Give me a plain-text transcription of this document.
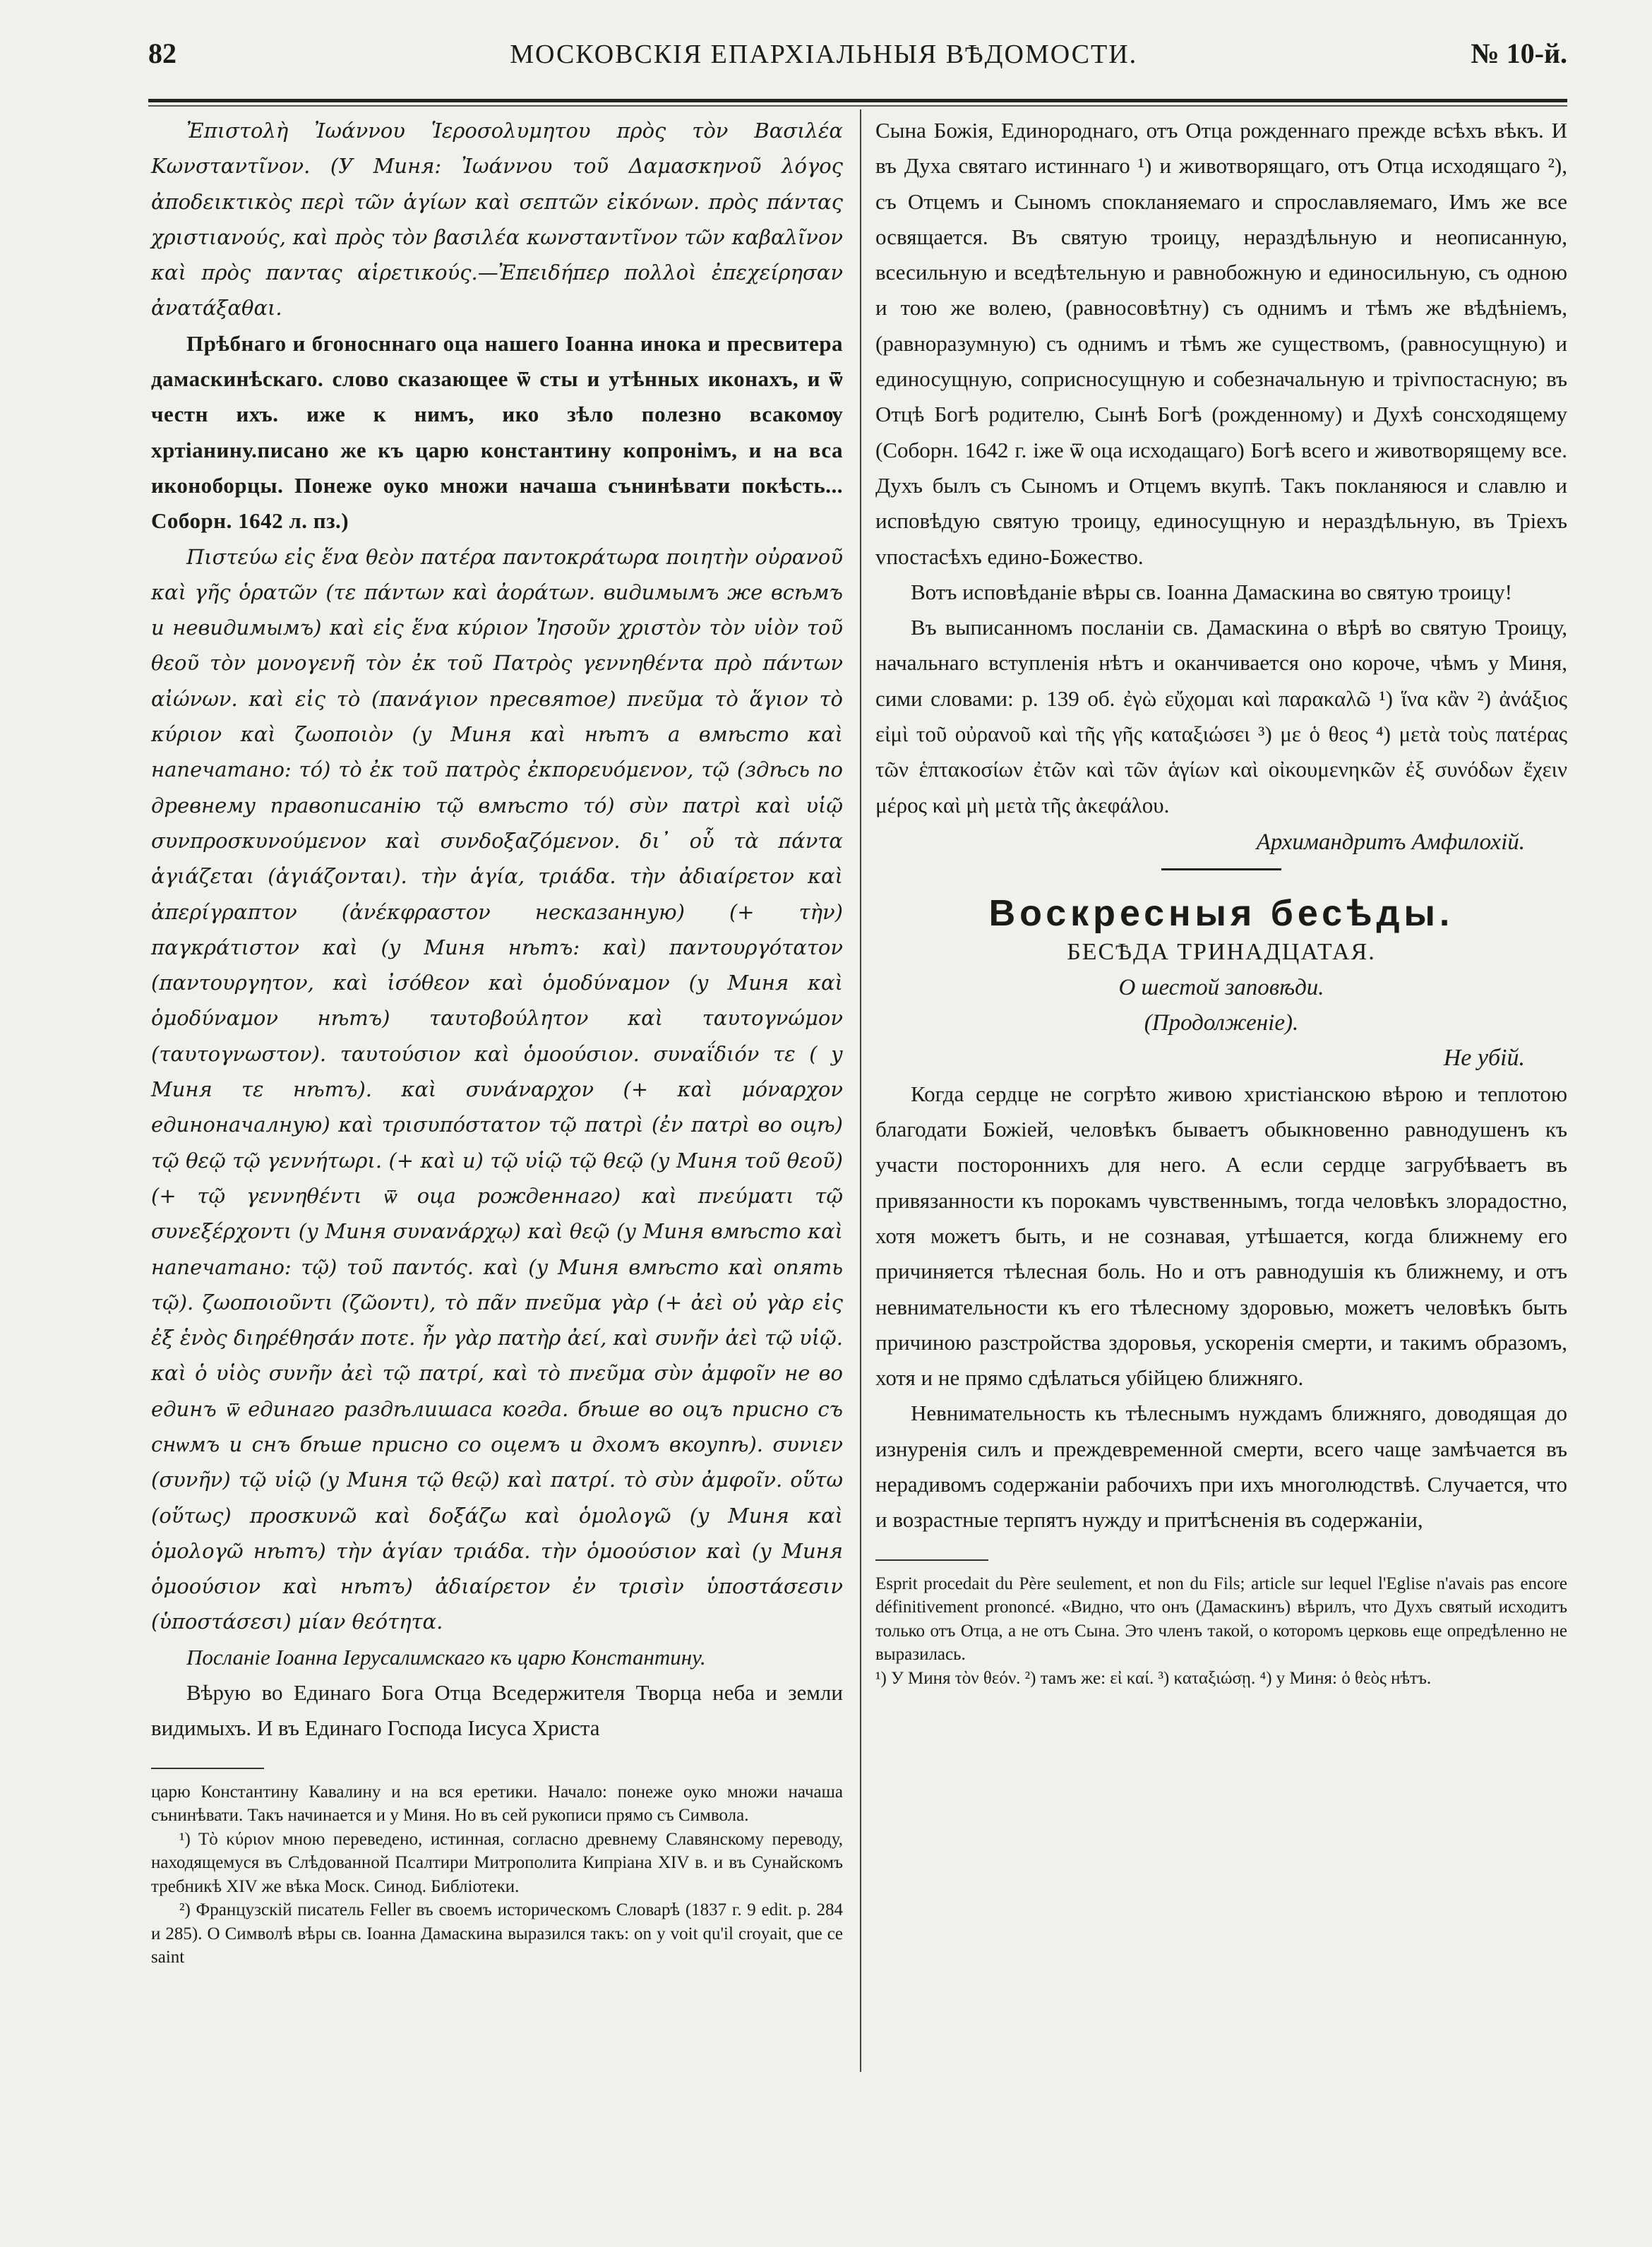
82	МОСКОВСКІЯ ЕПАРХІАЛЬНЫЯ ВѢДОМОСТИ.	№ 10-й.

Ἐπιστολὴ Ἰωάννου Ἱεροσολυμητου πρὸς τὸν Βασιλέα Κωνσταντῖνον. (У Миня: Ἰωάννου τοῦ Δαμασκηνοῦ λόγος ἀποδεικτικὸς περὶ τῶν ἁγίων καὶ σεπτῶν εἰκόνων. πρὸς πάντας χριστιανούς, καὶ πρὸς τὸν βασιλέα κωνσταντῖνον τῶν καβαλῖνον καὶ πρὸς παντας αἱρετικούς.—Ἐπειδήπερ πολλοὶ ἐπεχείρησαν ἀνατάξαθαι.

Прѣбнаго и бгоносннаго оца нашего Іоанна инока и пресвитера дамаскинѣскаго. слово сказающее ѿ сты и утѣнных иконахъ, и ѿ честн ихъ. иже к нимъ, ико зѣло полезно всакомѹ хртіанину.писано же къ царю константину копронімъ, и на вса иконоборцы. Понеже оуко множи начаша сънинѣвати покѣсть... Соборн. 1642 л. пз.)

Πιστεύω εἰς ἕνα θεὸν πατέρα παντοκράτωρα ποιητὴν οὐρανοῦ καὶ γῆς ὁρατῶν (τε πάντων καὶ ἀοράτων. видимымъ же всѣмъ и невидимымъ) καὶ εἰς ἕνα κύριον Ἰησοῦν χριστὸν τὸν υἱὸν τοῦ θεοῦ τὸν μονογενῆ τὸν ἐκ τοῦ Πατρὸς γεννηθέντα πρὸ πάντων αἰώνων. καὶ εἰς τὸ (πανάγιον пресвятое) πνεῦμα τὸ ἅγιον τὸ κύριον καὶ ζωοποιὸν (у Миня καὶ нѣтъ а вмѣсто καὶ напечатано: τό) τὸ ἐκ τοῦ πατρὸς ἐκπορευόμενον, τῷ (здѣсь по древнему правописанію τῷ вмѣсто τό) σὺν πατρὶ καὶ υἱῷ συνπροσκυνούμενον καὶ συνδοξαζόμενον. δι᾽ οὗ τὰ πάντα ἁγιάζεται (ἁγιάζονται). τὴν ἁγία, τριάδα. τὴν ἀδιαίρετον καὶ ἀπερίγραπτον (ἀνέκφραστον несказанную) (+ τὴν) παγκράτιστον καὶ (у Миня нѣтъ: καὶ) παντουργότατον (παντουργητον, καὶ ἰσόθεον καὶ ὁμοδύναμον (у Миня καὶ ὁμοδύναμον нѣтъ) ταυτοβούλητον καὶ ταυτογνώμον (ταυτογνωστον). ταυτούσιον καὶ ὁμοούσιον. συναΐδιόν τε ( у Миня τε нѣтъ). καὶ συνάναρχον (+ καὶ μόναρχον единоначалную) καὶ τρισυπόστατον τῷ πατρὶ (ἐν πατρὶ во оцѣ) τῷ θεῷ τῷ γεννήτωρι. (+ καὶ и) τῷ υἱῷ τῷ θεῷ (у Миня τοῦ θεοῦ) (+ τῷ γεννηθέντι ѿ оца рожденнаго) καὶ πνεύματι τῷ συνεξέρχοντι (у Миня συνανάρχῳ) καὶ θεῷ (у Миня вмѣсто καὶ напечатано: τῷ) τοῦ παντός. καὶ (у Миня вмѣсто καὶ опять τῷ). ζωοποιοῦντι (ζῶοντι), τὸ πᾶν πνεῦμα γὰρ (+ ἀεὶ οὐ γὰρ εἰς ἐξ ἑνὸς διηρέθησάν ποτε. ἦν γὰρ πατὴρ ἀεί, καὶ συνῆν ἀεὶ τῷ υἱῷ. καὶ ὁ υἱὸς συνῆν ἀεὶ τῷ πατρί, καὶ τὸ πνεῦμα σὺν ἀμφοῖν не во единъ ѿ единаго раздѣлишаса когда. бѣше во оцъ присно съ снѡмъ и снъ бѣше присно со оцемъ и дхомъ вкоупѣ). συνιεν (συνῆν) τῷ υἱῷ (у Миня τῷ θεῷ) καὶ πατρί. τὸ σὺν ἀμφοῖν. οὕτω (οὕτως) προσκυνῶ καὶ δοξάζω καὶ ὁμολογῶ (у Миня καὶ ὁμολογῶ нѣтъ) τὴν ἁγίαν τριάδα. τὴν ὁμοούσιον καὶ (у Миня ὁμοούσιον καὶ нѣтъ) ἀδιαίρετον ἐν τρισὶν ὑποστάσεσιν (ὑποστάσεσι) μίαν θεότητα.

Посланіе Іоанна Іерусалимскаго къ царю Константину.

Вѣрую во Единаго Бога Отца Вседержителя Творца неба и земли видимыхъ. И въ Единаго Господа Іисуса Христа

царю Константину Кавалину и на вся еретики. Начало: понеже оуко множи начаша сънинѣвати. Такъ начинается и у Миня. Но въ сей рукописи прямо съ Символа.

¹) Τὸ κύριον мною переведено, истинная, согласно древнему Славянскому переводу, находящемуся въ Слѣдованной Псалтири Митрополита Кипріана XIV в. и въ Сунайскомъ требникѣ XIV же вѣка Моск. Синод. Библіотеки.

²) Французскій писатель Feller въ своемъ историческомъ Словарѣ (1837 г. 9 edit. p. 284 и 285). О Символѣ вѣры св. Іоанна Дамаскина выразился такъ: on y voit qu'il croyait, que ce saint

Сына Божія, Единороднаго, отъ Отца рожденнаго прежде всѣхъ вѣкъ. И въ Духа святаго истиннаго ¹) и животворящаго, отъ Отца исходящаго ²), съ Отцемъ и Сыномъ спокланяемаго и спрославляемаго, Имъ же все освящается. Въ святую троицу, нераздѣльную и неописанную, всесильную и вседѣтельную и равнобожную и единосильную, съ одною и тою же волею, (равносовѣтну) съ однимъ и тѣмъ же вѣдѣніемъ, (равноразумную) съ однимъ и тѣмъ же существомъ, (равносущную) и единосущную, соприсносущную и собезначальную и тріvпостасную; въ Отцѣ Богѣ родителю, Сынѣ Богѣ (рожденному) и Духѣ сонсходящему (Соборн. 1642 г. іже ѿ оца исходащаго) Богѣ всего и животворящему все. Духъ былъ съ Сыномъ и Отцемъ вкупѣ. Такъ покланяюся и славлю и исповѣдую святую троицу, единосущную и нераздѣльную, въ Тріехъ vпостасѣхъ едино-Божество.

Вотъ исповѣданіе вѣры св. Іоанна Дамаскина во святую троицу!

Въ выписанномъ посланіи св. Дамаскина о вѣрѣ во святую Троицу, начальнаго вступленія нѣтъ и оканчивается оно короче, чѣмъ у Миня, сими словами: р. 139 об. ἐγὼ εὔχομαι καὶ παρακαλῶ ¹) ἵνα κἂν ²) ἀνάξιος εἰμὶ τοῦ οὐρανοῦ καὶ τῆς γῆς καταξιώσει ³) με ὁ θεος ⁴) μετὰ τοὺς πατέρας τῶν ἑπτακοσίων ἐτῶν καὶ τῶν ἁγίων καὶ οἰκουμενηκῶν ἐξ συνόδων ἔχειν μέρος καὶ μὴ μετὰ τῆς ἀκεφάλου.

Архимандритъ Амфилохій.
Воскресныя бесѣды.
БЕСѢДА ТРИНАДЦАТАЯ.
О шестой заповѣди.
(Продолженіе).
Не убій.

Когда сердце не согрѣто живою христіанскою вѣрою и теплотою благодати Божіей, человѣкъ бываетъ обыкновенно равнодушенъ къ участи постороннихъ для него. А если сердце загрубѣваетъ въ привязанности къ порокамъ чувственнымъ, тогда человѣкъ злорадостно, хотя можетъ быть, и не сознавая, утѣшается, когда ближнему его причиняется тѣлесная боль. Но и отъ равнодушія къ ближнему, и отъ невнимательности къ его тѣлесному здоровью, можетъ человѣкъ быть причиною разстройства здоровья, ускоренія смерти, и такимъ образомъ, хотя и не прямо сдѣлаться убійцею ближняго.

Невнимательность къ тѣлеснымъ нуждамъ ближняго, доводящая до изнуренія силъ и преждевременной смерти, всего чаще замѣчается въ нерадивомъ содержаніи рабочихъ при ихъ многолюдствѣ. Случается, что и возрастные терпятъ нужду и притѣсненія въ содержаніи,

Esprit procedait du Père seulement, et non du Fils; article sur lequel l'Eglise n'avais pas encore définitivement prononcé. «Видно, что онъ (Дамаскинъ) вѣрилъ, что Духъ святый исходитъ только отъ Отца, а не отъ Сына. Это членъ такой, о которомъ церковь еще опредѣленно не выразилась.

¹) У Миня τὸν θεόν. ²) тамъ же: εἰ καί. ³) καταξιώσῃ. ⁴) у Миня: ὁ θεὸς нѣтъ.
